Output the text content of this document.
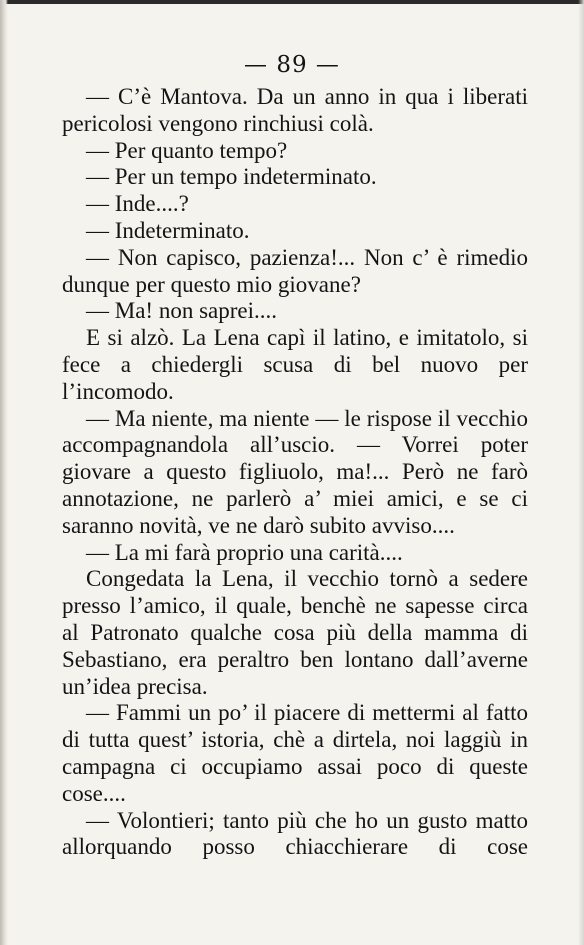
— 89 —

— C’è Mantova. Da un anno in qua i liberati pericolosi vengono rinchiusi colà.

— Per quanto tempo?

— Per un tempo indeterminato.

— Inde....?

— Indeterminato.

— Non capisco, pazienza!... Non c’ è rimedio dunque per questo mio giovane?

— Ma! non saprei....

E si alzò. La Lena capì il latino, e imitatolo, si fece a chiedergli scusa di bel nuovo per l’incomodo.

— Ma niente, ma niente — le rispose il vecchio accompagnandola all’uscio. — Vorrei poter giovare a questo figliuolo, ma!... Però ne farò annotazione, ne parlerò a’ miei amici, e se ci saranno novità, ve ne darò subito avviso....

— La mi farà proprio una carità....

Congedata la Lena, il vecchio tornò a sedere presso l’amico, il quale, benchè ne sapesse circa al Patronato qualche cosa più della mamma di Sebastiano, era peraltro ben lontano dall’averne un’idea precisa.

— Fammi un po’ il piacere di mettermi al fatto di tutta quest’ istoria, chè a dirtela, noi laggiù in campagna ci occupiamo assai poco di queste cose....

— Volontieri; tanto più che ho un gusto matto allorquando posso chiacchierare di cose
